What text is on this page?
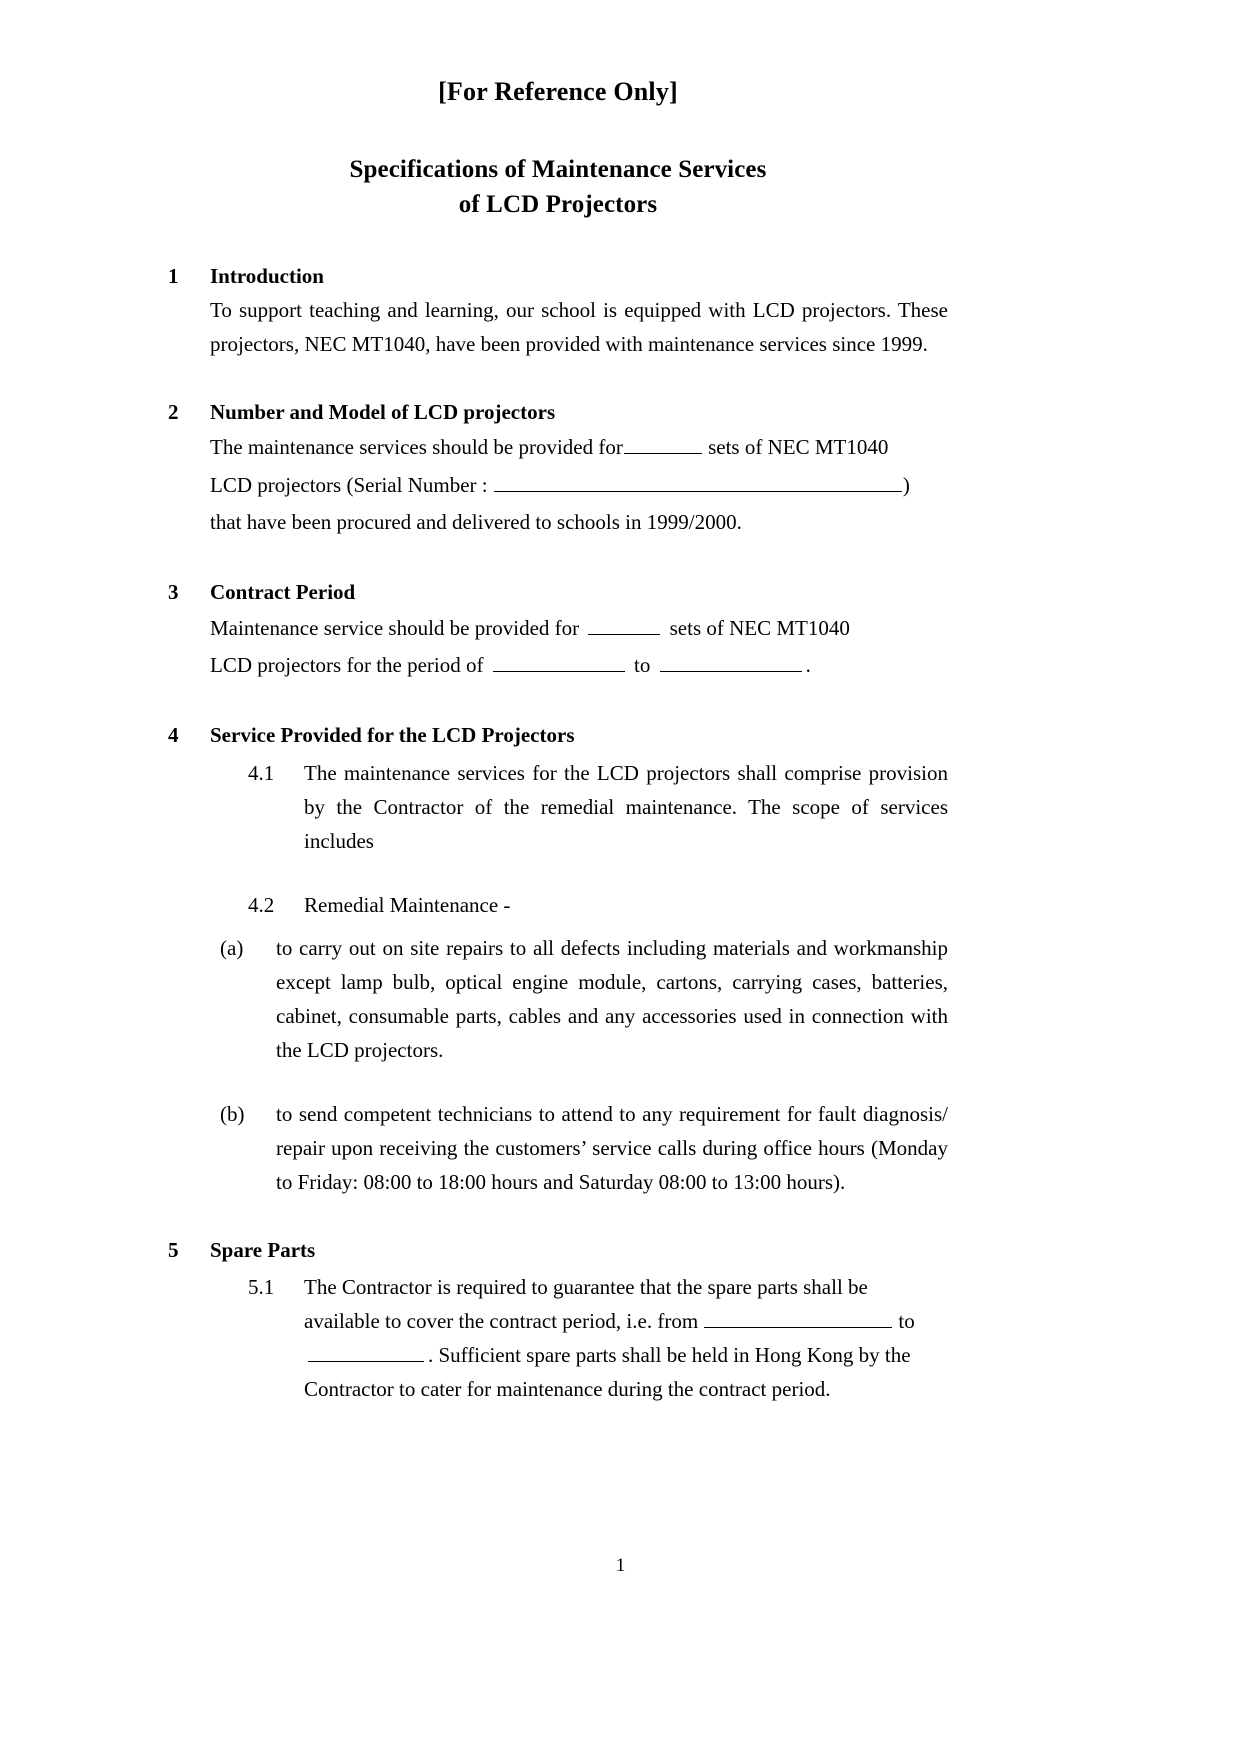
[For Reference Only]
Specifications of Maintenance Services
of LCD Projectors
1	Introduction
To support teaching and learning, our school is equipped with LCD projectors. These projectors, NEC MT1040, have been provided with maintenance services since 1999.
2	Number and Model of LCD projectors
The maintenance services should be provided for	sets of NEC MT1040
LCD projectors (Serial Number :	)
that have been procured and delivered to schools in 1999/2000.
3	Contract Period
Maintenance service should be provided for	sets of NEC MT1040
LCD projectors for the period of	to	.
4	Service Provided for the LCD Projectors
4.1	The maintenance services for the LCD projectors shall comprise provision by the Contractor of the remedial maintenance. The scope of services includes
4.2	Remedial Maintenance -
(a)	to carry out on site repairs to all defects including materials and workmanship except lamp bulb, optical engine module, cartons, carrying cases, batteries, cabinet, consumable parts, cables and any accessories used in connection with the LCD projectors.
(b)	to send competent technicians to attend to any requirement for fault diagnosis/ repair upon receiving the customers’ service calls during office hours (Monday to Friday: 08:00 to 18:00 hours and Saturday 08:00 to 13:00 hours).
5	Spare Parts
5.1	The Contractor is required to guarantee that the spare parts shall be available to cover the contract period, i.e. from	to. Sufficient spare parts shall be held in Hong Kong by the Contractor to cater for maintenance during the contract period.
1
